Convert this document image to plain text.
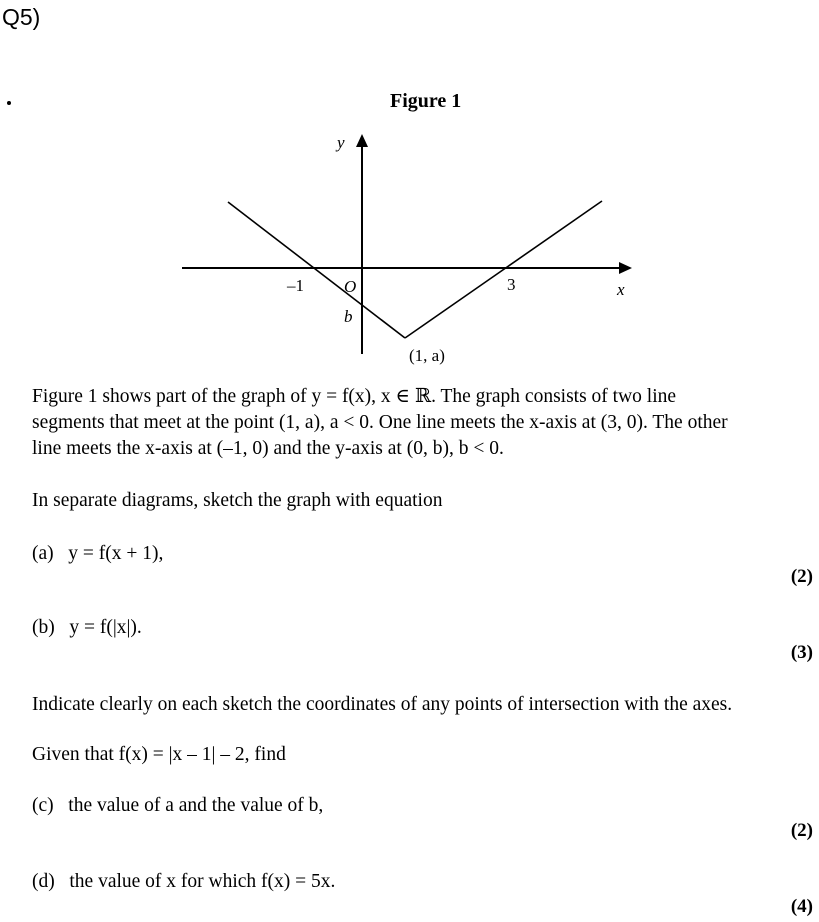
Q5)
Figure 1
y
x
–1 O	3
b
(1, a)
Figure 1 shows part of the graph of y = f(x), x ∈ ℝ. The graph consists of two line
segments that meet at the point (1, a), a < 0. One line meets the x-axis at (3, 0). The other
line meets the x-axis at (–1, 0) and the y-axis at (0, b), b < 0.
In separate diagrams, sketch the graph with equation
(a) y = f(x + 1),
(2)
(b) y = f(|x|).
(3)
Indicate clearly on each sketch the coordinates of any points of intersection with the axes.
Given that f(x) = |x – 1| – 2, find
(c) the value of a and the value of b,
(2)
(d) the value of x for which f(x) = 5x.
(4)
